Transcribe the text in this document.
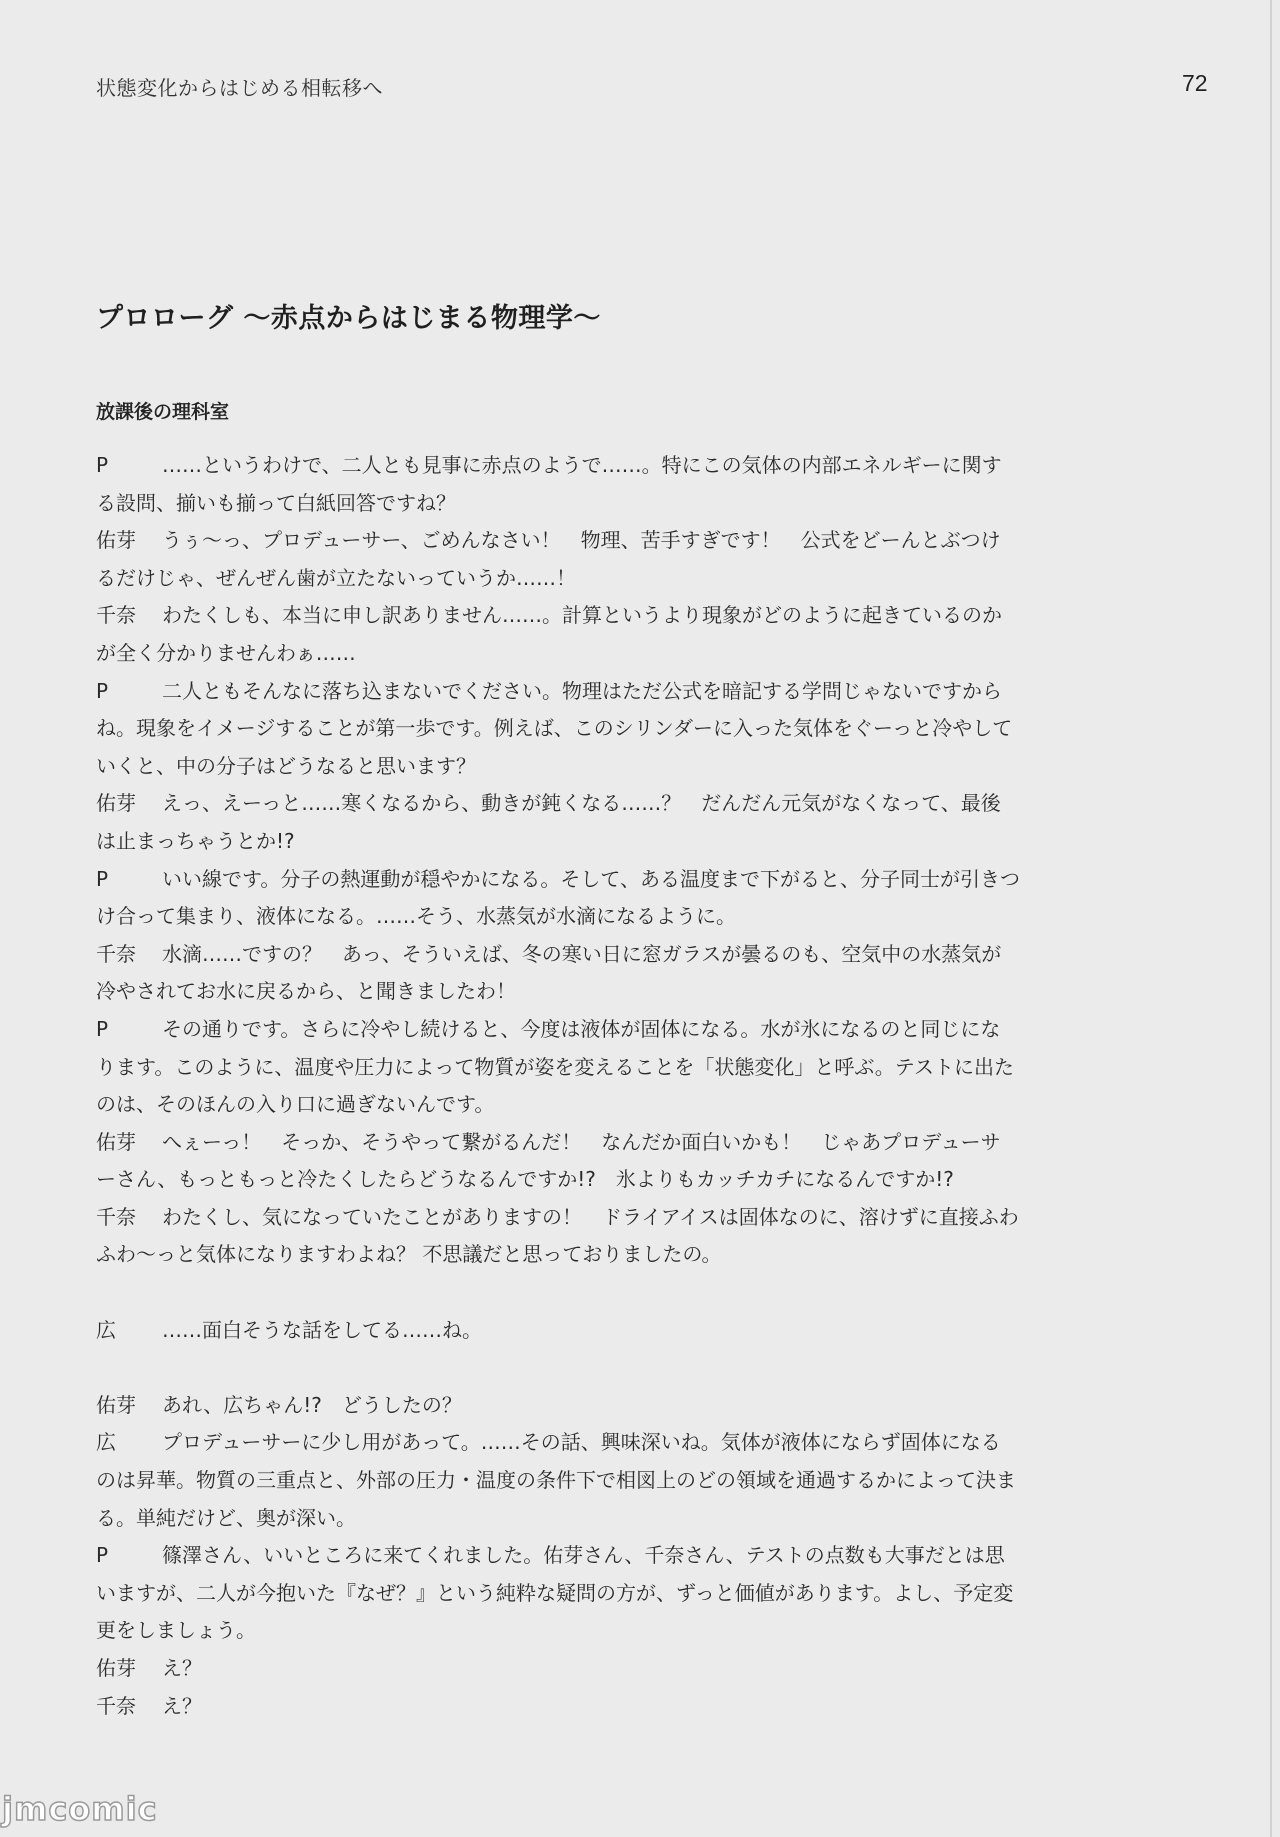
状態変化からはじめる相転移へ	72
プロローグ 〜赤点からはじまる物理学〜
放課後の理科室
P	……というわけで、二人とも見事に赤点のようで……。特にこの気体の内部エネルギーに関する設問、揃いも揃って白紙回答ですね？
佑芽 うぅ〜っ、プロデューサー、ごめんなさい！　物理、苦手すぎです！　公式をどーんとぶつけるだけじゃ、ぜんぜん歯が立たないっていうか……！
千奈 わたくしも、本当に申し訳ありません……。計算というより現象がどのように起きているのかが全く分かりませんわぁ……
P	二人ともそんなに落ち込まないでください。物理はただ公式を暗記する学問じゃないですからね。現象をイメージすることが第一歩です。例えば、このシリンダーに入った気体をぐーっと冷やしていくと、中の分子はどうなると思います？
佑芽 えっ、えーっと……寒くなるから、動きが鈍くなる……？　だんだん元気がなくなって、最後は止まっちゃうとか!?
P	いい線です。分子の熱運動が穏やかになる。そして、ある温度まで下がると、分子同士が引きつけ合って集まり、液体になる。……そう、水蒸気が水滴になるように。
千奈 水滴……ですの？　あっ、そういえば、冬の寒い日に窓ガラスが曇るのも、空気中の水蒸気が冷やされてお水に戻るから、と聞きましたわ！
P	その通りです。さらに冷やし続けると、今度は液体が固体になる。水が氷になるのと同じになります。このように、温度や圧力によって物質が姿を変えることを「状態変化」と呼ぶ。テストに出たのは、そのほんの入り口に過ぎないんです。
佑芽 へぇーっ！　そっか、そうやって繋がるんだ！　なんだか面白いかも！　じゃあプロデューサーさん、もっともっと冷たくしたらどうなるんですか!?　氷よりもカッチカチになるんですか!?
千奈 わたくし、気になっていたことがありますの！　ドライアイスは固体なのに、溶けずに直接ふわふわ〜っと気体になりますわよね？ 不思議だと思っておりましたの。
広 ……面白そうな話をしてる……ね。
佑芽 あれ、広ちゃん!?　どうしたの？
広 プロデューサーに少し用があって。……その話、興味深いね。気体が液体にならず固体になるのは昇華。物質の三重点と、外部の圧力・温度の条件下で相図上のどの領域を通過するかによって決まる。単純だけど、奥が深い。
P	篠澤さん、いいところに来てくれました。佑芽さん、千奈さん、テストの点数も大事だとは思いますが、二人が今抱いた『なぜ？』という純粋な疑問の方が、ずっと価値があります。よし、予定変更をしましょう。
佑芽 え？
千奈 え？
jmcomic
